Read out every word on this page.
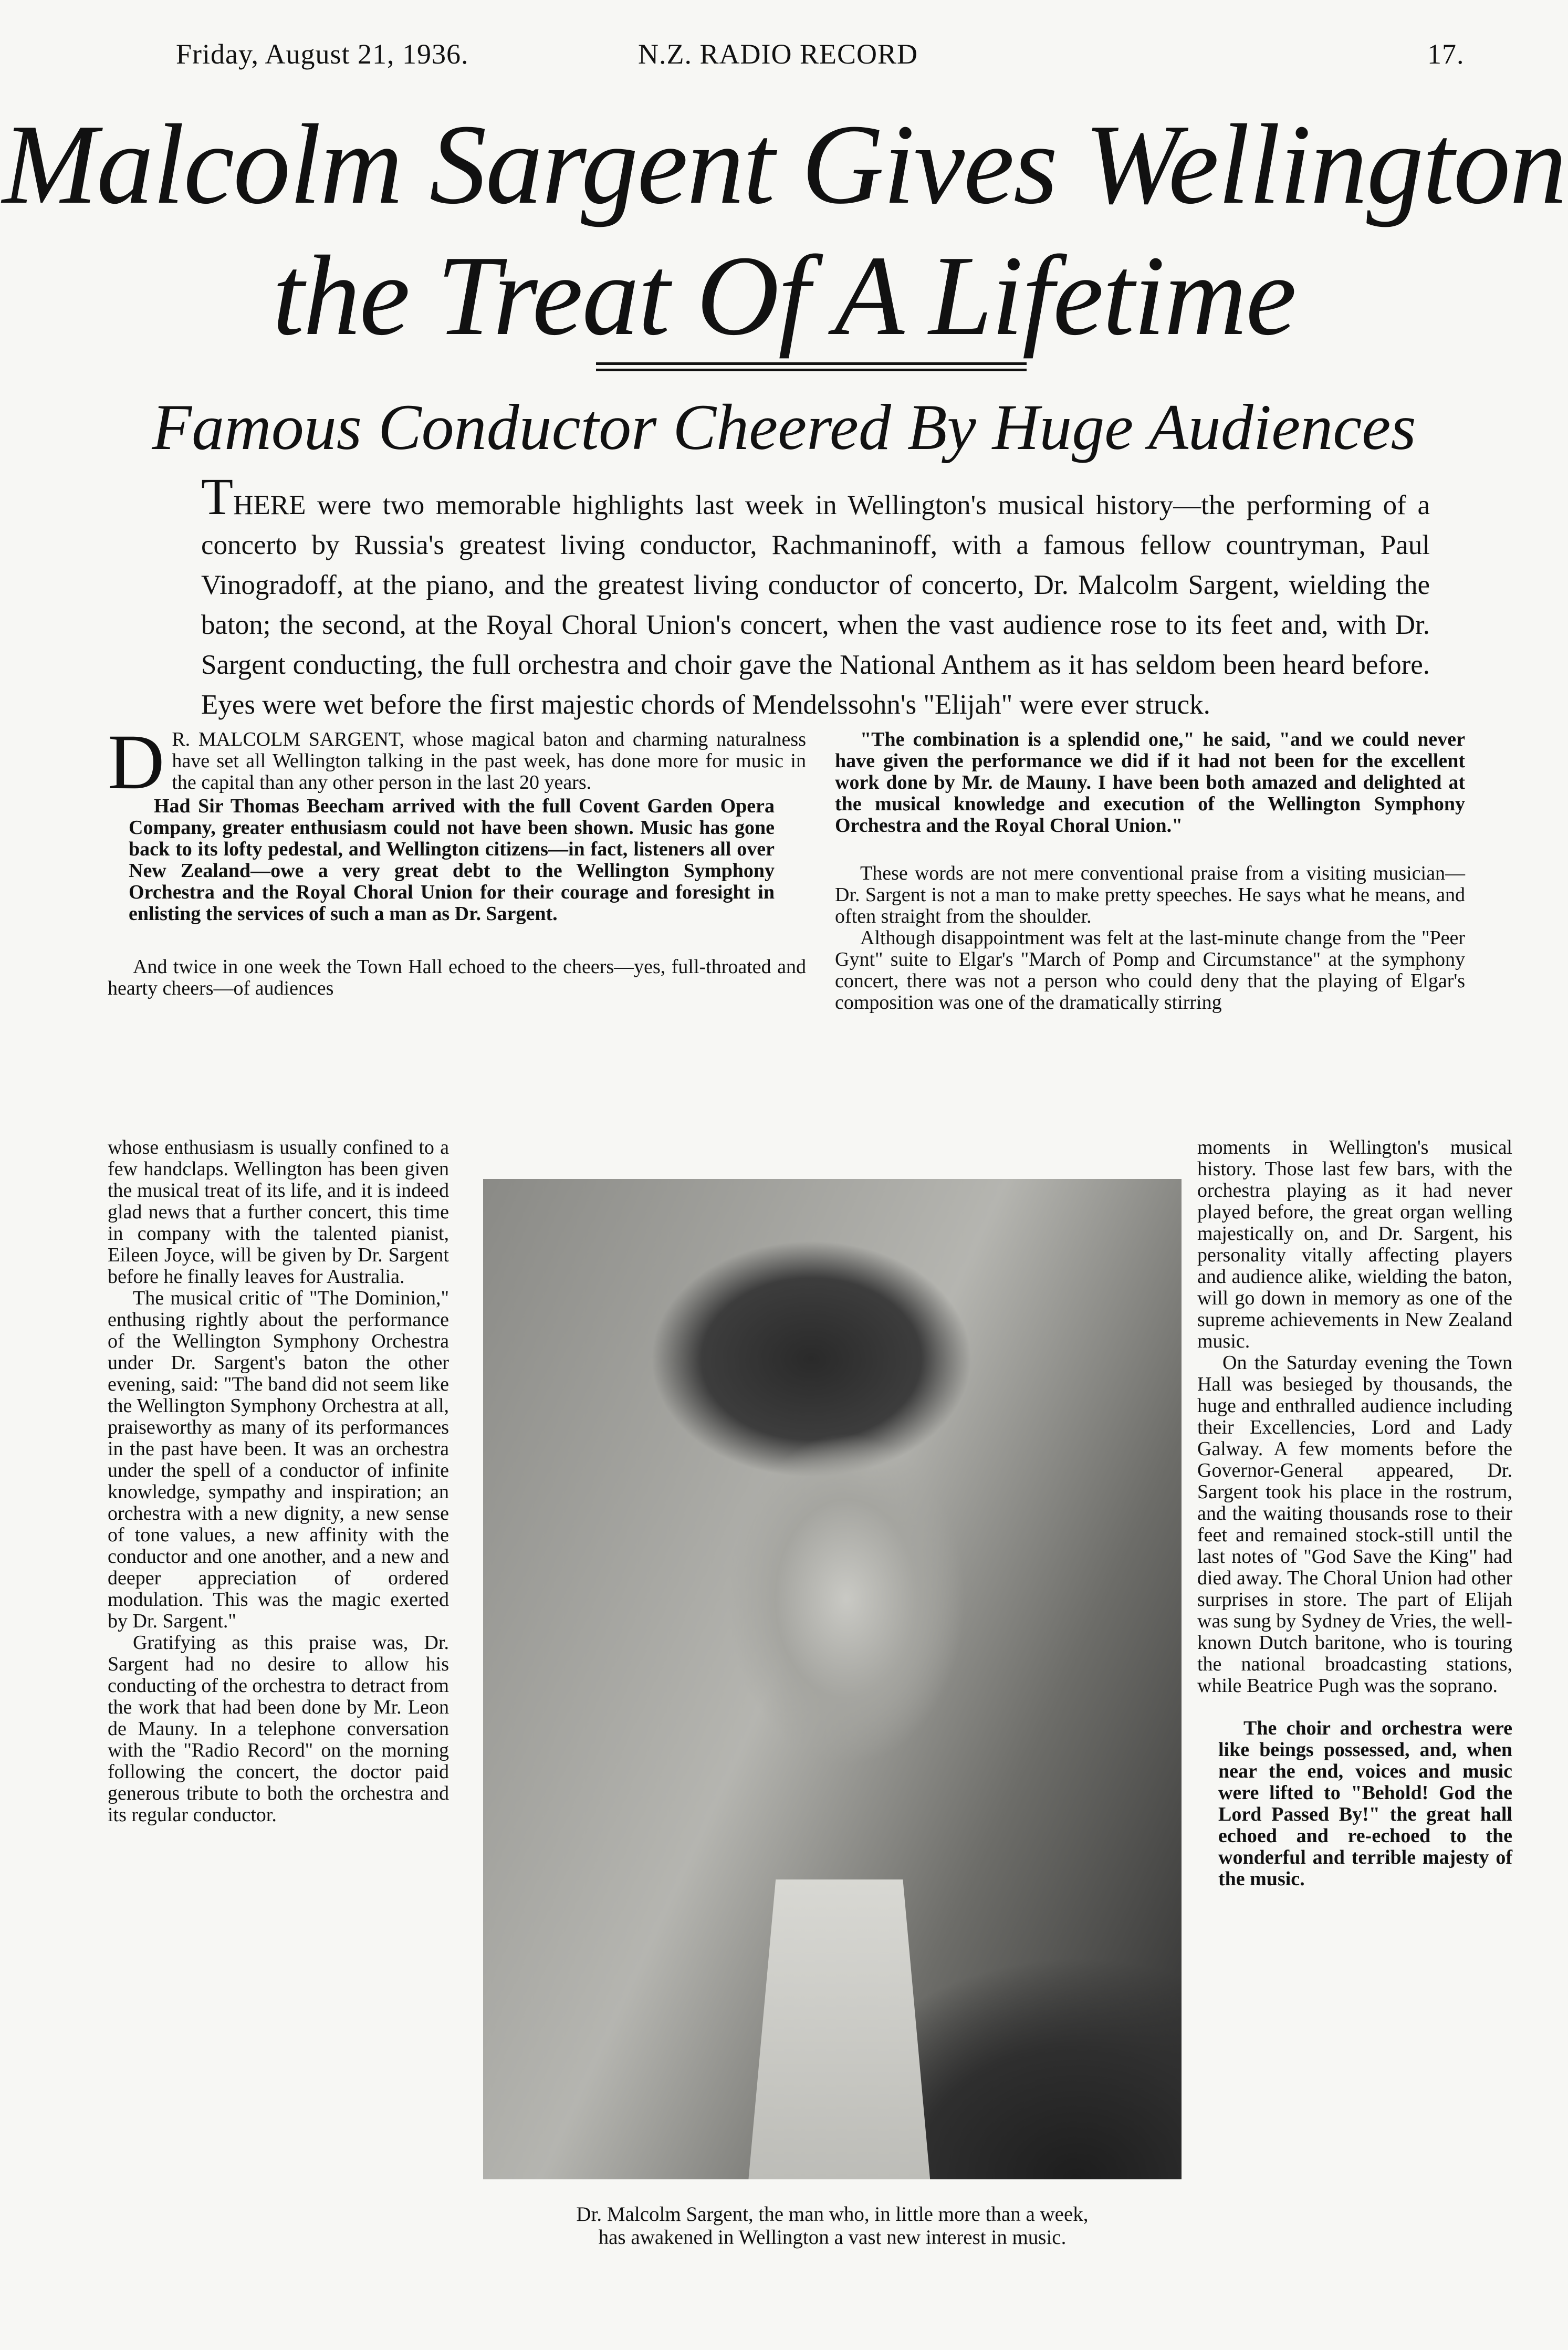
Friday, August 21, 1936.	N.Z. RADIO RECORD	17.
Malcolm Sargent Gives Wellington
the Treat Of A Lifetime
Famous Conductor Cheered By Huge Audiences
THERE were two memorable highlights last week in Wellington's musical history—the performing of a concerto by Russia's greatest living conductor, Rachmaninoff, with a famous fellow countryman, Paul Vinogradoff, at the piano, and the greatest living conductor of concerto, Dr. Malcolm Sargent, wielding the baton; the second, at the Royal Choral Union's concert, when the vast audience rose to its feet and, with Dr. Sargent conducting, the full orchestra and choir gave the National Anthem as it has seldom been heard before. Eyes were wet before the first majestic chords of Mendelssohn's "Elijah" were ever struck.

D R. MALCOLM SARGENT, whose magical baton and charming naturalness have set all Wellington talking in the past week, has done more for music in the capital than any other person in the last 20 years.

Had Sir Thomas Beecham arrived with the full Covent Garden Opera Company, greater enthusiasm could not have been shown. Music has gone back to its lofty pedestal, and Wellington citizens—in fact, listeners all over New Zealand—owe a very great debt to the Wellington Symphony Orchestra and the Royal Choral Union for their courage and foresight in enlisting the services of such a man as Dr. Sargent.

And twice in one week the Town Hall echoed to the cheers—yes, full-throated and hearty cheers—of audiences

whose enthusiasm is usually confined to a few handclaps. Wellington has been given the musical treat of its life, and it is indeed glad news that a further concert, this time in company with the talented pianist, Eileen Joyce, will be given by Dr. Sargent before he finally leaves for Australia.

The musical critic of "The Dominion," enthusing rightly about the performance of the Wellington Symphony Orchestra under Dr. Sargent's baton the other evening, said: "The band did not seem like the Wellington Symphony Orchestra at all, praiseworthy as many of its performances in the past have been. It was an orchestra under the spell of a conductor of infinite knowledge, sympathy and inspiration; an orchestra with a new dignity, a new sense of tone values, a new affinity with the conductor and one another, and a new and deeper appreciation of ordered modulation. This was the magic exerted by Dr. Sargent."

Gratifying as this praise was, Dr. Sargent had no desire to allow his conducting of the orchestra to detract from the work that had been done by Mr. Leon de Mauny. In a telephone conversation with the "Radio Record" on the morning following the concert, the doctor paid generous tribute to both the orchestra and its regular conductor.

"The combination is a splendid one," he said, "and we could never have given the performance we did if it had not been for the excellent work done by Mr. de Mauny. I have been both amazed and delighted at the musical knowledge and execution of the Wellington Symphony Orchestra and the Royal Choral Union."

These words are not mere conventional praise from a visiting musician—Dr. Sargent is not a man to make pretty speeches. He says what he means, and often straight from the shoulder.

Although disappointment was felt at the last-minute change from the "Peer Gynt" suite to Elgar's "March of Pomp and Circumstance" at the symphony concert, there was not a person who could deny that the playing of Elgar's composition was one of the dramatically stirring

moments in Wellington's musical history. Those last few bars, with the orchestra playing as it had never played before, the great organ welling majestically on, and Dr. Sargent, his personality vitally affecting players and audience alike, wielding the baton, will go down in memory as one of the supreme achievements in New Zealand music.

On the Saturday evening the Town Hall was besieged by thousands, the huge and enthralled audience including their Excellencies, Lord and Lady Galway. A few moments before the Governor-General appeared, Dr. Sargent took his place in the rostrum, and the waiting thousands rose to their feet and remained stock-still until the last notes of "God Save the King" had died away. The Choral Union had other surprises in store. The part of Elijah was sung by Sydney de Vries, the well-known Dutch baritone, who is touring the national broadcasting stations, while Beatrice Pugh was the soprano.

The choir and orchestra were like beings possessed, and, when near the end, voices and music were lifted to "Behold! God the Lord Passed By!" the great hall echoed and re-echoed to the wonderful and terrible majesty of the music.

Dr. Malcolm Sargent, the man who, in little more than a week,
has awakened in Wellington a vast new interest in music.
